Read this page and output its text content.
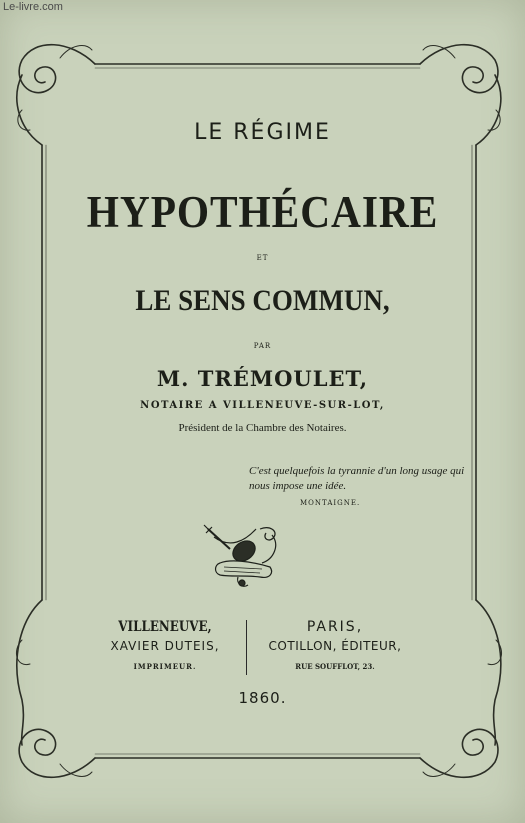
Le-livre.com
LE RÉGIME
HYPOTHÉCAIRE
ET
LE SENS COMMUN,
PAR
M. TRÉMOULET,
NOTAIRE A VILLENEUVE-SUR-LOT,
Président de la Chambre des Notaires.
C'est quelquefois la tyrannie d'un long usage qui nous impose une idée.
MONTAIGNE.
VILLENEUVE,
XAVIER DUTEIS,
IMPRIMEUR.
PARIS,
COTILLON, ÉDITEUR,
RUE SOUFFLOT, 23.
1860.
